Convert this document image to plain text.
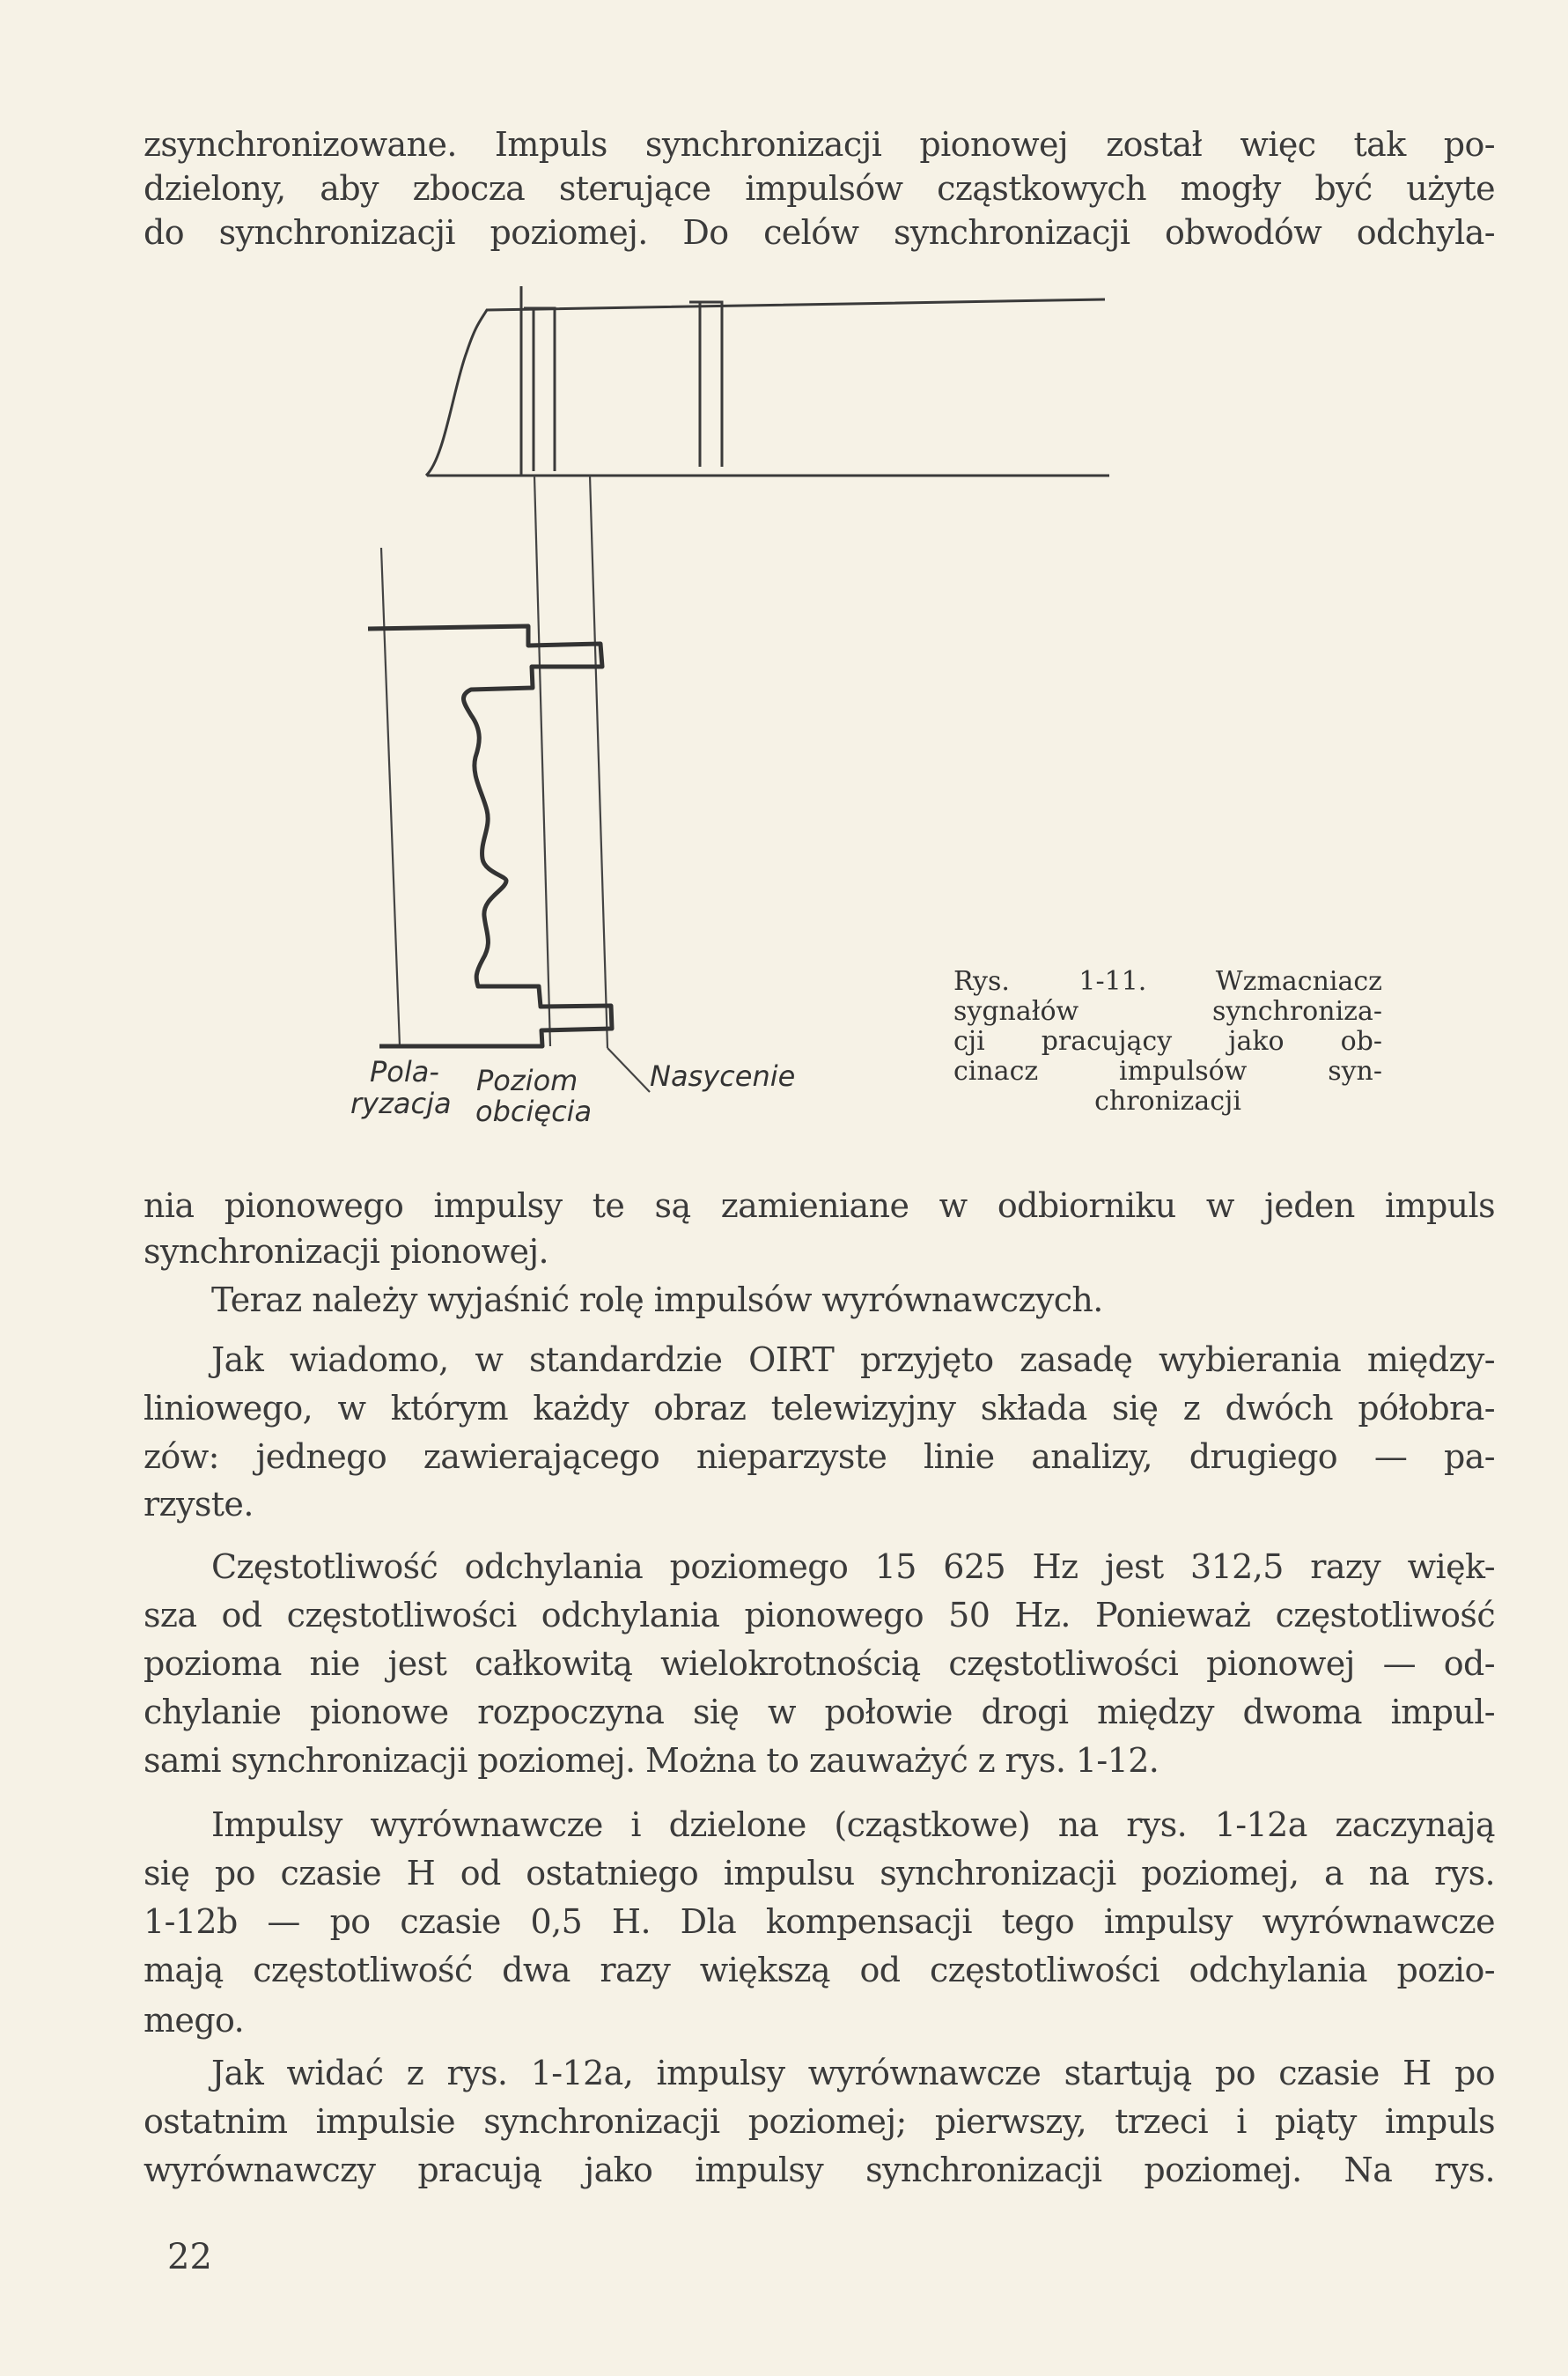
zsynchronizowane. Impuls synchronizacji pionowej został więc tak po-
dzielony, aby zbocza sterujące impulsów cząstkowych mogły być użyte
do synchronizacji poziomej. Do celów synchronizacji obwodów odchyla-
Pola-
ryzacja
Poziom
obcięcia
Nasycenie
Rys. 1-11. Wzmacniacz
sygnałów synchroniza-
cji pracujący jako ob-
cinacz impulsów syn-
chronizacji
nia pionowego impulsy te są zamieniane w odbiorniku w jeden impuls
synchronizacji pionowej.
Teraz należy wyjaśnić rolę impulsów wyrównawczych.
Jak wiadomo, w standardzie OIRT przyjęto zasadę wybierania między-
liniowego, w którym każdy obraz telewizyjny składa się z dwóch półobra-
zów: jednego zawierającego nieparzyste linie analizy, drugiego — pa-
rzyste.
Częstotliwość odchylania poziomego 15 625 Hz jest 312,5 razy więk-
sza od częstotliwości odchylania pionowego 50 Hz. Ponieważ częstotliwość
pozioma nie jest całkowitą wielokrotnością częstotliwości pionowej — od-
chylanie pionowe rozpoczyna się w połowie drogi między dwoma impul-
sami synchronizacji poziomej. Można to zauważyć z rys. 1-12.
Impulsy wyrównawcze i dzielone (cząstkowe) na rys. 1-12a zaczynają
się po czasie H od ostatniego impulsu synchronizacji poziomej, a na rys.
1-12b — po czasie 0,5 H. Dla kompensacji tego impulsy wyrównawcze
mają częstotliwość dwa razy większą od częstotliwości odchylania pozio-
mego.
Jak widać z rys. 1-12a, impulsy wyrównawcze startują po czasie H po
ostatnim impulsie synchronizacji poziomej; pierwszy, trzeci i piąty impuls
wyrównawczy pracują jako impulsy synchronizacji poziomej. Na rys.
22
